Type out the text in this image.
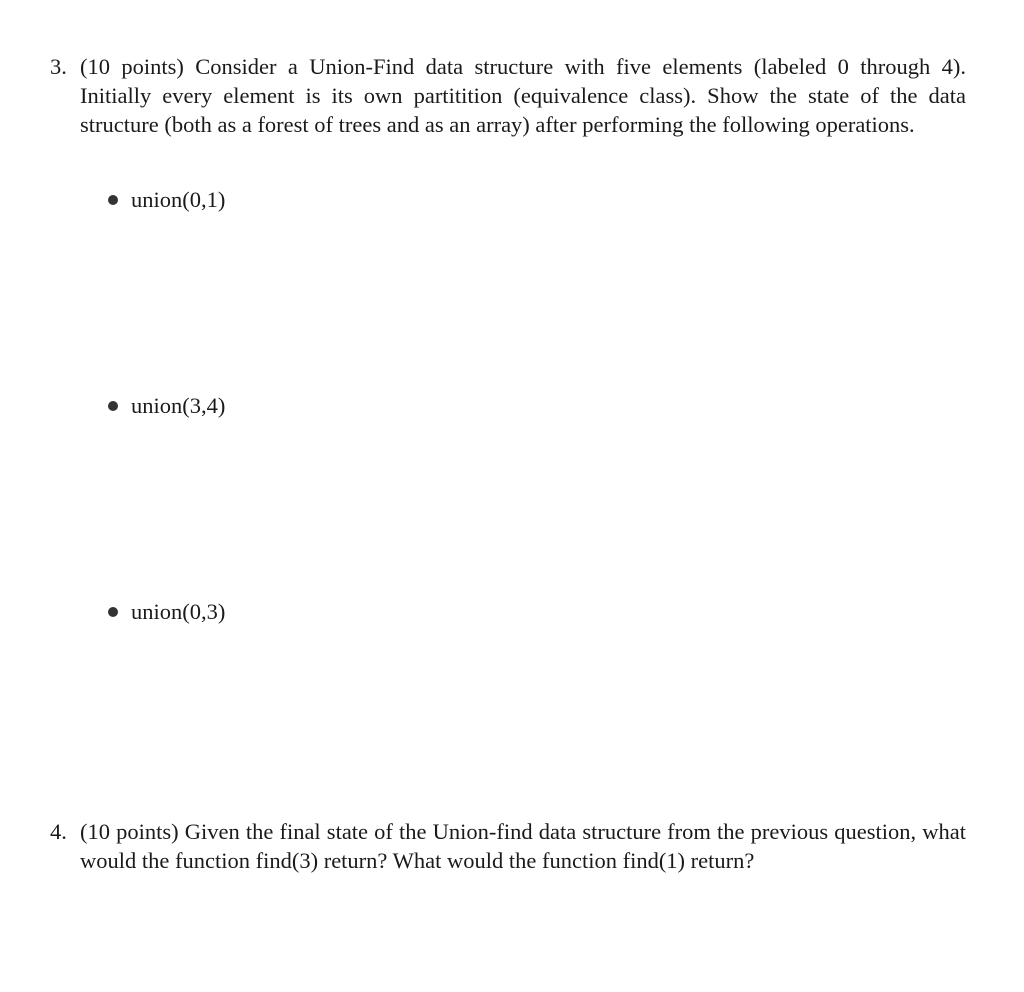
3. (10 points) Consider a Union-Find data structure with five elements (labeled 0 through 4). Initially every element is its own partitition (equivalence class). Show the state of the data structure (both as a forest of trees and as an array) after performing the following operations.
union(0,1)
union(3,4)
union(0,3)
4. (10 points) Given the final state of the Union-find data structure from the previous question, what would the function find(3) return? What would the function find(1) return?
